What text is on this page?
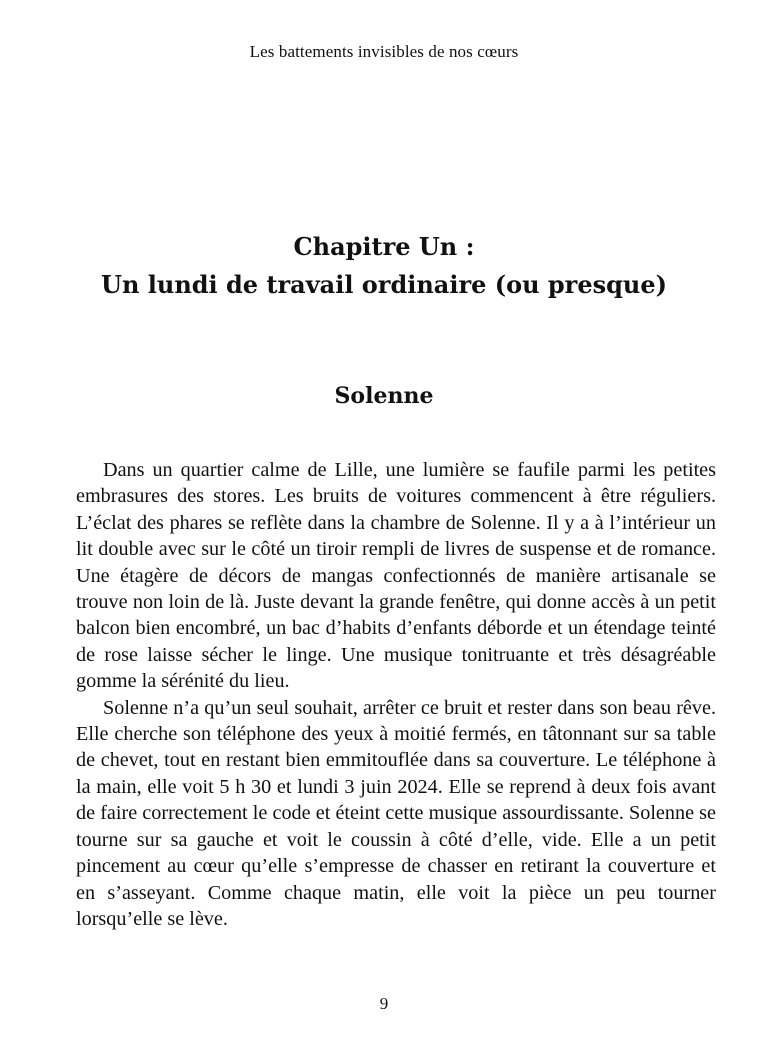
Les battements invisibles de nos cœurs
Chapitre Un :
Un lundi de travail ordinaire (ou presque)
Solenne

Dans un quartier calme de Lille, une lumière se faufile parmi les petites embrasures des stores. Les bruits de voitures commencent à être réguliers. L’éclat des phares se reflète dans la chambre de Solenne. Il y a à l’intérieur un lit double avec sur le côté un tiroir rempli de livres de suspense et de romance. Une étagère de décors de mangas confectionnés de manière artisanale se trouve non loin de là. Juste devant la grande fenêtre, qui donne accès à un petit balcon bien encombré, un bac d’habits d’enfants déborde et un étendage teinté de rose laisse sécher le linge. Une musique tonitruante et très désagréable gomme la sérénité du lieu.

Solenne n’a qu’un seul souhait, arrêter ce bruit et rester dans son beau rêve. Elle cherche son téléphone des yeux à moitié fermés, en tâtonnant sur sa table de chevet, tout en restant bien emmitouflée dans sa couverture. Le téléphone à la main, elle voit 5 h 30 et lundi 3 juin 2024. Elle se reprend à deux fois avant de faire correctement le code et éteint cette musique assourdissante. Solenne se tourne sur sa gauche et voit le coussin à côté d’elle, vide. Elle a un petit pincement au cœur qu’elle s’empresse de chasser en retirant la couverture et en s’asseyant. Comme chaque matin, elle voit la pièce un peu tourner lorsqu’elle se lève.

9
